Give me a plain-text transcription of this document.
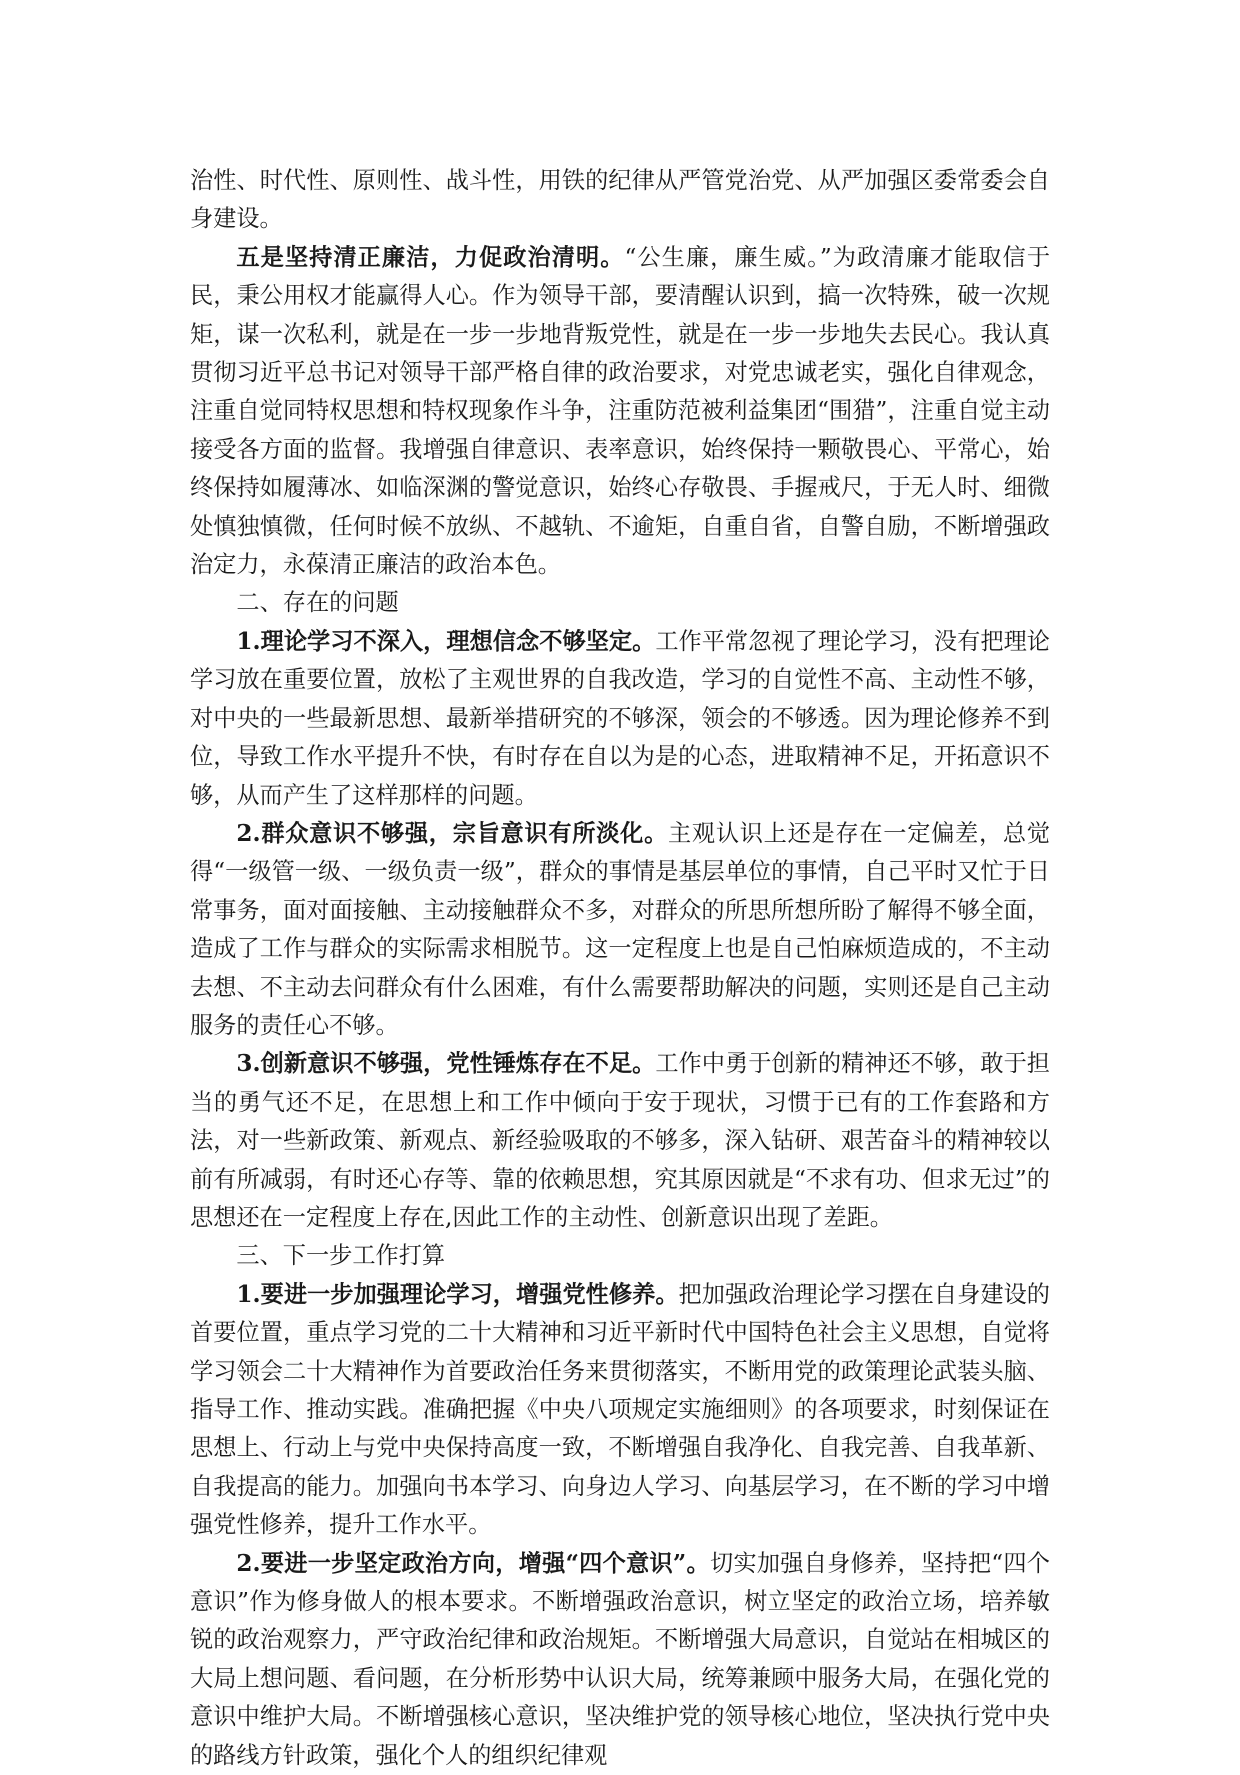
治性、时代性、原则性、战斗性，用铁的纪律从严管党治党、从严加强区委常委会自身建设。

五是坚持清正廉洁，力促政治清明。“公生廉，廉生威。”为政清廉才能取信于民，秉公用权才能赢得人心。作为领导干部，要清醒认识到，搞一次特殊，破一次规矩，谋一次私利，就是在一步一步地背叛党性，就是在一步一步地失去民心。我认真贯彻习近平总书记对领导干部严格自律的政治要求，对党忠诚老实，强化自律观念，注重自觉同特权思想和特权现象作斗争，注重防范被利益集团“围猎”，注重自觉主动接受各方面的监督。我增强自律意识、表率意识，始终保持一颗敬畏心、平常心，始终保持如履薄冰、如临深渊的警觉意识，始终心存敬畏、手握戒尺，于无人时、细微处慎独慎微，任何时候不放纵、不越轨、不逾矩，自重自省，自警自励，不断增强政治定力，永葆清正廉洁的政治本色。

二、存在的问题

1.理论学习不深入，理想信念不够坚定。工作平常忽视了理论学习，没有把理论学习放在重要位置，放松了主观世界的自我改造，学习的自觉性不高、主动性不够，对中央的一些最新思想、最新举措研究的不够深，领会的不够透。因为理论修养不到位，导致工作水平提升不快，有时存在自以为是的心态，进取精神不足，开拓意识不够，从而产生了这样那样的问题。

2.群众意识不够强，宗旨意识有所淡化。主观认识上还是存在一定偏差，总觉得“一级管一级、一级负责一级”，群众的事情是基层单位的事情，自己平时又忙于日常事务，面对面接触、主动接触群众不多，对群众的所思所想所盼了解得不够全面，造成了工作与群众的实际需求相脱节。这一定程度上也是自己怕麻烦造成的，不主动去想、不主动去问群众有什么困难，有什么需要帮助解决的问题，实则还是自己主动服务的责任心不够。

3.创新意识不够强，党性锤炼存在不足。工作中勇于创新的精神还不够，敢于担当的勇气还不足，在思想上和工作中倾向于安于现状，习惯于已有的工作套路和方法，对一些新政策、新观点、新经验吸取的不够多，深入钻研、艰苦奋斗的精神较以前有所减弱，有时还心存等、靠的依赖思想，究其原因就是“不求有功、但求无过”的思想还在一定程度上存在,因此工作的主动性、创新意识出现了差距。

三、下一步工作打算

1.要进一步加强理论学习，增强党性修养。把加强政治理论学习摆在自身建设的首要位置，重点学习党的二十大精神和习近平新时代中国特色社会主义思想，自觉将学习领会二十大精神作为首要政治任务来贯彻落实，不断用党的政策理论武装头脑、指导工作、推动实践。准确把握《中央八项规定实施细则》的各项要求，时刻保证在思想上、行动上与党中央保持高度一致，不断增强自我净化、自我完善、自我革新、自我提高的能力。加强向书本学习、向身边人学习、向基层学习，在不断的学习中增强党性修养，提升工作水平。

2.要进一步坚定政治方向，增强“四个意识”。切实加强自身修养，坚持把“四个意识”作为修身做人的根本要求。不断增强政治意识，树立坚定的政治立场，培养敏锐的政治观察力，严守政治纪律和政治规矩。不断增强大局意识，自觉站在相城区的大局上想问题、看问题，在分析形势中认识大局，统筹兼顾中服务大局，在强化党的意识中维护大局。不断增强核心意识，坚决维护党的领导核心地位，坚决执行党中央的路线方针政策，强化个人的组织纪律观
